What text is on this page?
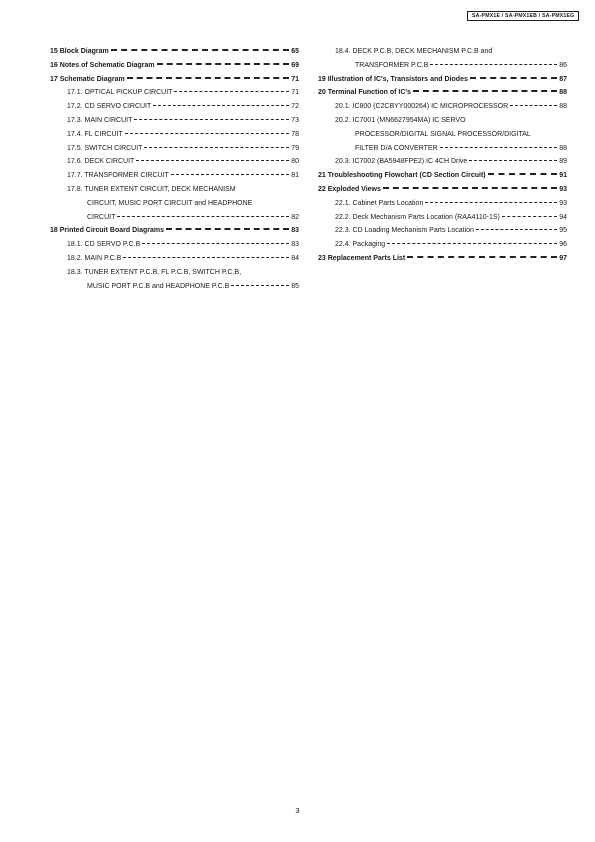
SA-PMX1E / SA-PMX1EB / SA-PMX1EG
15 Block Diagram	65
16 Notes of Schematic Diagram	69
17 Schematic Diagram	71
17.1. OPTICAL PICKUP CIRCUIT	71
17.2. CD SERVO CIRCUIT	72
17.3. MAIN CIRCUIT	73
17.4. FL CIRCUIT	78
17.5. SWITCH CIRCUIT	79
17.6. DECK CIRCUIT	80
17.7. TRANSFORMER CIRCUIT	81
17.8. TUNER EXTENT CIRCUIT, DECK MECHANISM
CIRCUIT, MUSIC PORT CIRCUIT and HEADPHONE
CIRCUIT	82
18 Printed Circuit Board Diagrams	83
18.1. CD SERVO P.C.B	83
18.2. MAIN P.C.B	84
18.3. TUNER EXTENT P.C.B, FL P.C.B, SWITCH P.C.B,
MUSIC PORT P.C.B and HEADPHONE P.C.B	85
18.4. DECK P.C.B, DECK MECHANISM P.C.B and
TRANSFORMER P.C.B	86
19 Illustration of IC's, Transistors and Diodes	87
20 Terminal Function of IC's	88
20.1. IC800 (C2CBYY000264) IC MICROPROCESSOR	88
20.2. IC7001 (MN6627954MA) IC SERVO
PROCESSOR/DIGITAL SIGNAL PROCESSOR/DIGITAL
FILTER D/A CONVERTER	88
20.3. IC7002 (BA5948FPE2) IC 4CH Drive	89
21 Troubleshooting Flowchart (CD Section Circuit)	91
22 Exploded Views	93
22.1. Cabinet Parts Location	93
22.2. Deck Mechanism Parts Location (RAA4110-1S)	94
22.3. CD Loading Mechanism Parts Location	95
22.4. Packaging	96
23 Replacement Parts List	97
3
